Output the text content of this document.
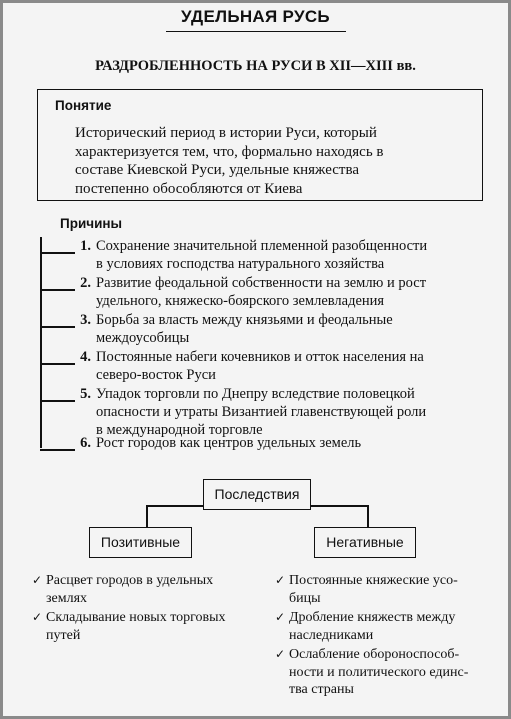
УДЕЛЬНАЯ РУСЬ
РАЗДРОБЛЕННОСТЬ НА РУСИ В XII—XIII вв.
Понятие
Исторический период в истории Руси, который
характеризуется тем, что, формально находясь в
составе Киевской Руси, удельные княжества
постепенно обособляются от Киева
Причины
1. Сохранение значительной племенной разобщенности
в условиях господства натурального хозяйства
2. Развитие феодальной собственности на землю и рост
удельного, княжеско-боярского землевладения
3. Борьба за власть между князьями и феодальные
междоусобицы
4. Постоянные набеги кочевников и отток населения на
северо-восток Руси
5. Упадок торговли по Днепру вследствие половецкой
опасности и утраты Византией главенствующей роли
в международной торговле
6. Рост городов как центров удельных земель
Последствия
Позитивные	Негативные
✓ Расцвет городов в удельных
землях
✓ Складывание новых торговых
путей
✓ Постоянные княжеские усо-
бицы
✓ Дробление княжеств между
наследниками
✓ Ослабление обороноспособ-
ности и политического единс-
тва страны
